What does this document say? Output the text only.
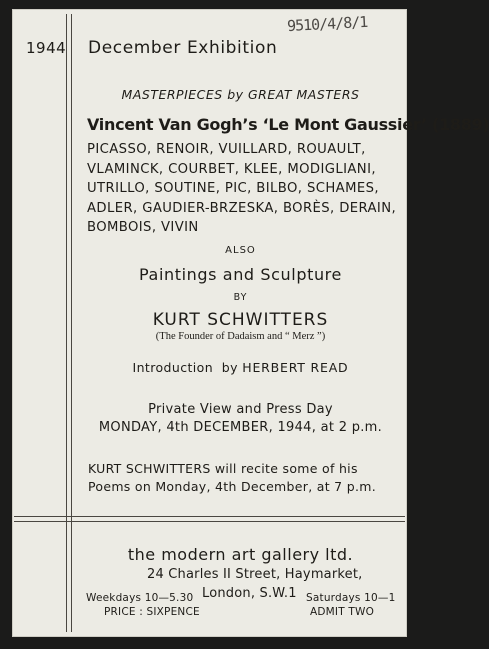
9510/4/8/1
1944 December Exhibition
MASTERPIECES by GREAT MASTERS
Vincent Van Gogh’s ‘Le Mont Gaussier’ (1889)
PICASSO, RENOIR, VUILLARD, ROUAULT, VLAMINCK, COURBET, KLEE, MODIGLIANI, UTRILLO, SOUTINE, PIC, BILBO, SCHAMES, ADLER, GAUDIER-BRZESKA, BORÈS, DERAIN, BOMBOIS, VIVIN
ALSO
Paintings and Sculpture
BY
KURT SCHWITTERS
(The Founder of Dadaism and “ Merz ”)
Introduction  by HERBERT READ
Private View and Press Day
MONDAY, 4th DECEMBER, 1944, at 2 p.m.
KURT SCHWITTERS will recite some of his Poems on Monday, 4th December, at 7 p.m.
the modern art gallery ltd.
24 Charles II Street, Haymarket,
London, S.W.1
Weekdays 10—5.30
PRICE : SIXPENCE
Saturdays 10—1
ADMIT TWO
